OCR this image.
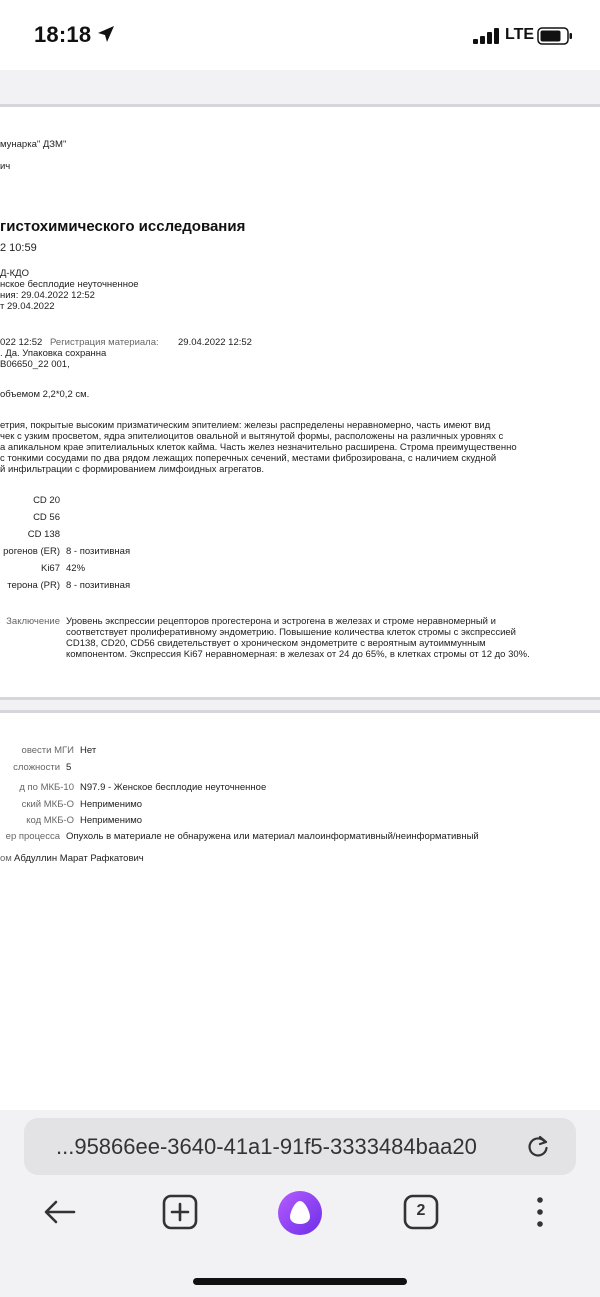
18:18	LTE
мунарка" ДЗМ"
ич
гистохимического исследования
2 10:59
Д-КДО
нское бесплодие неуточненное
ния: 29.04.2022 12:52
т 29.04.2022
022 12:52 Регистрация материала: 29.04.2022 12:52
. Да. Упаковка сохранна
В06650_22 001,
объемом 2,2*0,2 см.
етрия, покрытые высоким призматическим эпителием: железы распределены неравномерно, часть имеют вид
чек с узким просветом, ядра эпителиоцитов овальной и вытянутой формы, расположены на различных уровнях с
а апикальном крае эпителиальных клеток кайма. Часть желез незначительно расширена. Строма преимущественно
с тонкими сосудами по два рядом лежащих поперечных сечений, местами фиброзирована, с наличием скудной
й инфильтрации с формированием лимфоидных агрегатов.
CD 20
CD 56
CD 138
рогенов (ER) 8 - позитивная
Ki67 42%
терона (PR) 8 - позитивная
Заключение Уровень экспрессии рецепторов прогестерона и эстрогена в железах и строме неравномерный и
соответствует пролиферативному эндометрию. Повышение количества клеток стромы с экспрессией
CD138, CD20, CD56 свидетельствует о хроническом эндометрите с вероятным аутоиммунным
компонентом. Экспрессия Ki67 неравномерная: в железах от 24 до 65%, в клетках стромы от 12 до 30%.
овести МГИ Нет
сложности 5
д по МКБ-10 N97.9 - Женское бесплодие неуточненное
ский МКБ-О Неприменимо
код МКБ-О Неприменимо
ер процесса Опухоль в материале не обнаружена или материал малоинформативный/неинформативный
ом Абдуллин Марат Рафкатович
...95866ee-3640-41a1-91f5-3333484baa20
2
